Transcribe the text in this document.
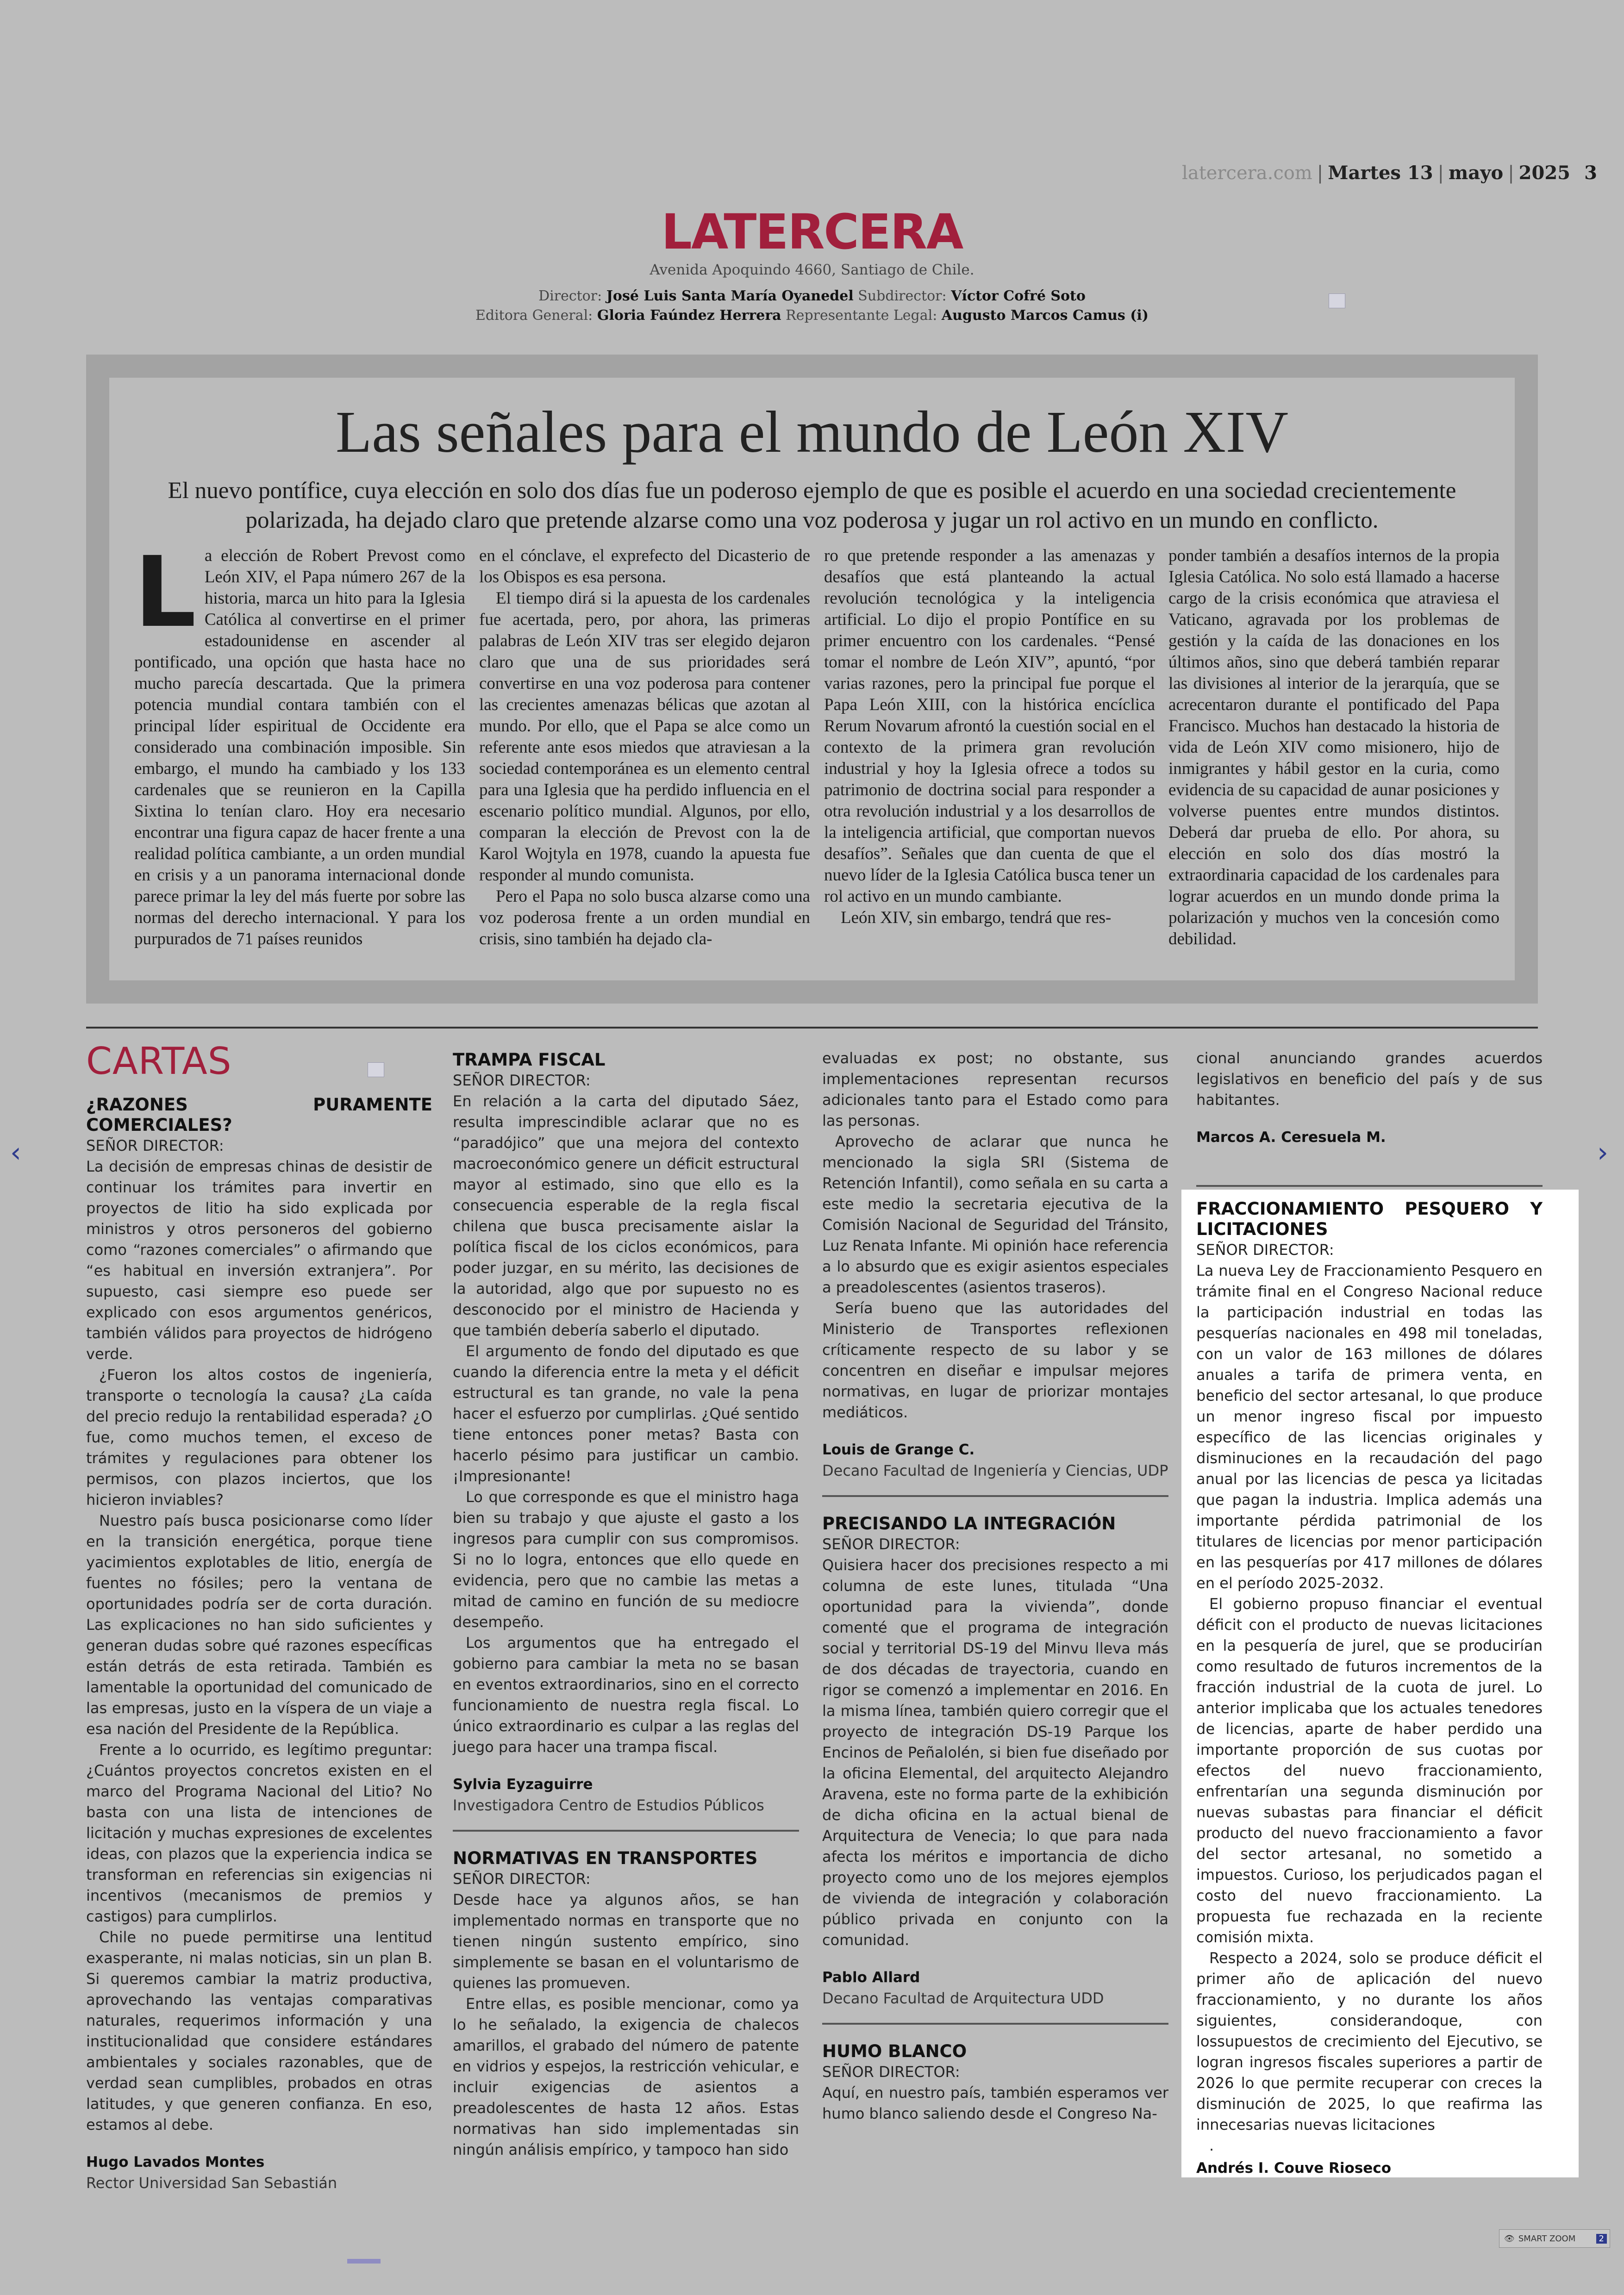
latercera.com | Martes 13 | mayo | 2025 3
LATERCERA
Avenida Apoquindo 4660, Santiago de Chile.
Director: José Luis Santa María Oyanedel Subdirector: Víctor Cofré Soto
Editora General: Gloria Faúndez Herrera Representante Legal: Augusto Marcos Camus (i)
Las señales para el mundo de León XIV
El nuevo pontífice, cuya elección en solo dos días fue un poderoso ejemplo de que es posible el acuerdo en una sociedad crecientemente polarizada, ha dejado claro que pretende alzarse como una voz poderosa y jugar un rol activo en un mundo en conflicto.
L a elección de Robert Prevost como León XIV, el Papa número 267 de la historia, marca un hito para la Iglesia Católica al convertirse en el primer estadounidense en ascender al pontificado, una opción que hasta hace no mucho parecía descartada. Que la primera potencia mundial contara también con el principal líder espiritual de Occidente era considerado una combinación imposible. Sin embargo, el mundo ha cambiado y los 133 cardenales que se reunieron en la Capilla Sixtina lo tenían claro. Hoy era necesario encontrar una figura capaz de hacer frente a una realidad política cambiante, a un orden mundial en crisis y a un panorama internacional donde parece primar la ley del más fuerte por sobre las normas del derecho internacional. Y para los purpurados de 71 países reunidos

en el cónclave, el exprefecto del Dicasterio de los Obispos es esa persona.

El tiempo dirá si la apuesta de los cardenales fue acertada, pero, por ahora, las primeras palabras de León XIV tras ser elegido dejaron claro que una de sus prioridades será convertirse en una voz poderosa para contener las crecientes amenazas bélicas que azotan al mundo. Por ello, que el Papa se alce como un referente ante esos miedos que atraviesan a la sociedad contemporánea es un elemento central para una Iglesia que ha perdido influencia en el escenario político mundial. Algunos, por ello, comparan la elección de Prevost con la de Karol Wojtyla en 1978, cuando la apuesta fue responder al mundo comunista.

Pero el Papa no solo busca alzarse como una voz poderosa frente a un orden mundial en crisis, sino también ha dejado cla-

ro que pretende responder a las amenazas y desafíos que está planteando la actual revolución tecnológica y la inteligencia artificial. Lo dijo el propio Pontífice en su primer encuentro con los cardenales. “Pensé tomar el nombre de León XIV”, apuntó, “por varias razones, pero la principal fue porque el Papa León XIII, con la histórica encíclica Rerum Novarum afrontó la cuestión social en el contexto de la primera gran revolución industrial y hoy la Iglesia ofrece a todos su patrimonio de doctrina social para responder a otra revolución industrial y a los desarrollos de la inteligencia artificial, que comportan nuevos desafíos”. Señales que dan cuenta de que el nuevo líder de la Iglesia Católica busca tener un rol activo en un mundo cambiante.

León XIV, sin embargo, tendrá que res-

ponder también a desafíos internos de la propia Iglesia Católica. No solo está llamado a hacerse cargo de la crisis económica que atraviesa el Vaticano, agravada por los problemas de gestión y la caída de las donaciones en los últimos años, sino que deberá también reparar las divisiones al interior de la jerarquía, que se acrecentaron durante el pontificado del Papa Francisco. Muchos han destacado la historia de vida de León XIV como misionero, hijo de inmigrantes y hábil gestor en la curia, como evidencia de su capacidad de aunar posiciones y volverse puentes entre mundos distintos. Deberá dar prueba de ello. Por ahora, su elección en solo dos días mostró la extraordinaria capacidad de los cardenales para lograr acuerdos en un mundo donde prima la polarización y muchos ven la concesión como debilidad.

CARTAS
¿RAZONES PURAMENTE COMERCIALES?

SEÑOR DIRECTOR:

La decisión de empresas chinas de desistir de continuar los trámites para invertir en proyectos de litio ha sido explicada por ministros y otros personeros del gobierno como “razones comerciales” o afirmando que “es habitual en inversión extranjera”. Por supuesto, casi siempre eso puede ser explicado con esos argumentos genéricos, también válidos para proyectos de hidrógeno verde.

¿Fueron los altos costos de ingeniería, transporte o tecnología la causa? ¿La caída del precio redujo la rentabilidad esperada? ¿O fue, como muchos temen, el exceso de trámites y regulaciones para obtener los permisos, con plazos inciertos, que los hicieron inviables?

Nuestro país busca posicionarse como líder en la transición energética, porque tiene yacimientos explotables de litio, energía de fuentes no fósiles; pero la ventana de oportunidades podría ser de corta duración. Las explicaciones no han sido suficientes y generan dudas sobre qué razones específicas están detrás de esta retirada. También es lamentable la oportunidad del comunicado de las empresas, justo en la víspera de un viaje a esa nación del Presidente de la República.

Frente a lo ocurrido, es legítimo preguntar: ¿Cuántos proyectos concretos existen en el marco del Programa Nacional del Litio? No basta con una lista de intenciones de licitación y muchas expresiones de excelentes ideas, con plazos que la experiencia indica se transforman en referencias sin exigencias ni incentivos (mecanismos de premios y castigos) para cumplirlos.

Chile no puede permitirse una lentitud exasperante, ni malas noticias, sin un plan B. Si queremos cambiar la matriz productiva, aprovechando las ventajas comparativas naturales, requerimos información y una institucionalidad que considere estándares ambientales y sociales razonables, que de verdad sean cumplibles, probados en otras latitudes, y que generen confianza. En eso, estamos al debe.

Hugo Lavados Montes
Rector Universidad San Sebastián
TRAMPA FISCAL

SEÑOR DIRECTOR:

En relación a la carta del diputado Sáez, resulta imprescindible aclarar que no es “paradójico” que una mejora del contexto macroeconómico genere un déficit estructural mayor al estimado, sino que ello es la consecuencia esperable de la regla fiscal chilena que busca precisamente aislar la política fiscal de los ciclos económicos, para poder juzgar, en su mérito, las decisiones de la autoridad, algo que por supuesto no es desconocido por el ministro de Hacienda y que también debería saberlo el diputado.

El argumento de fondo del diputado es que cuando la diferencia entre la meta y el déficit estructural es tan grande, no vale la pena hacer el esfuerzo por cumplirlas. ¿Qué sentido tiene entonces poner metas? Basta con hacerlo pésimo para justificar un cambio. ¡Impresionante!

Lo que corresponde es que el ministro haga bien su trabajo y que ajuste el gasto a los ingresos para cumplir con sus compromisos. Si no lo logra, entonces que ello quede en evidencia, pero que no cambie las metas a mitad de camino en función de su mediocre desempeño.

Los argumentos que ha entregado el gobierno para cambiar la meta no se basan en eventos extraordinarios, sino en el correcto funcionamiento de nuestra regla fiscal. Lo único extraordinario es culpar a las reglas del juego para hacer una trampa fiscal.

Sylvia Eyzaguirre
Investigadora Centro de Estudios Públicos
NORMATIVAS EN TRANSPORTES

SEÑOR DIRECTOR:

Desde hace ya algunos años, se han implementado normas en transporte que no tienen ningún sustento empírico, sino simplemente se basan en el voluntarismo de quienes las promueven.

Entre ellas, es posible mencionar, como ya lo he señalado, la exigencia de chalecos amarillos, el grabado del número de patente en vidrios y espejos, la restricción vehicular, e incluir exigencias de asientos a preadolescentes de hasta 12 años. Estas normativas han sido implementadas sin ningún análisis empírico, y tampoco han sido

evaluadas ex post; no obstante, sus implementaciones representan recursos adicionales tanto para el Estado como para las personas.

Aprovecho de aclarar que nunca he mencionado la sigla SRI (Sistema de Retención Infantil), como señala en su carta a este medio la secretaria ejecutiva de la Comisión Nacional de Seguridad del Tránsito, Luz Renata Infante. Mi opinión hace referencia a lo absurdo que es exigir asientos especiales a preadolescentes (asientos traseros).

Sería bueno que las autoridades del Ministerio de Transportes reflexionen críticamente respecto de su labor y se concentren en diseñar e impulsar mejores normativas, en lugar de priorizar montajes mediáticos.

Louis de Grange C.
Decano Facultad de Ingeniería y Ciencias, UDP
PRECISANDO LA INTEGRACIÓN

SEÑOR DIRECTOR:

Quisiera hacer dos precisiones respecto a mi columna de este lunes, titulada “Una oportunidad para la vivienda”, donde comenté que el programa de integración social y territorial DS-19 del Minvu lleva más de dos décadas de trayectoria, cuando en rigor se comenzó a implementar en 2016. En la misma línea, también quiero corregir que el proyecto de integración DS-19 Parque los Encinos de Peñalolén, si bien fue diseñado por la oficina Elemental, del arquitecto Alejandro Aravena, este no forma parte de la exhibición de dicha oficina en la actual bienal de Arquitectura de Venecia; lo que para nada afecta los méritos e importancia de dicho proyecto como uno de los mejores ejemplos de vivienda de integración y colaboración público privada en conjunto con la comunidad.

Pablo Allard
Decano Facultad de Arquitectura UDD
HUMO BLANCO

SEÑOR DIRECTOR:

Aquí, en nuestro país, también esperamos ver humo blanco saliendo desde el Congreso Na-

cional anunciando grandes acuerdos legislativos en beneficio del país y de sus habitantes.

Marcos A. Ceresuela M.
FRACCIONAMIENTO PESQUERO Y LICITACIONES

SEÑOR DIRECTOR:

La nueva Ley de Fraccionamiento Pesquero en trámite final en el Congreso Nacional reduce la participación industrial en todas las pesquerías nacionales en 498 mil toneladas, con un valor de 163 millones de dólares anuales a tarifa de primera venta, en beneficio del sector artesanal, lo que produce un menor ingreso fiscal por impuesto específico de las licencias originales y disminuciones en la recaudación del pago anual por las licencias de pesca ya licitadas que pagan la industria. Implica además una importante pérdida patrimonial de los titulares de licencias por menor participación en las pesquerías por 417 millones de dólares en el período 2025-2032.

El gobierno propuso financiar el eventual déficit con el producto de nuevas licitaciones en la pesquería de jurel, que se producirían como resultado de futuros incrementos de la fracción industrial de la cuota de jurel. Lo anterior implicaba que los actuales tenedores de licencias, aparte de haber perdido una importante proporción de sus cuotas por efectos del nuevo fraccionamiento, enfrentarían una segunda disminución por nuevas subastas para financiar el déficit producto del nuevo fraccionamiento a favor del sector artesanal, no sometido a impuestos. Curioso, los perjudicados pagan el costo del nuevo fraccionamiento. La propuesta fue rechazada en la reciente comisión mixta.

Respecto a 2024, solo se produce déficit el primer año de aplicación del nuevo fraccionamiento, y no durante los años siguientes, considerandoque, con lossupuestos de crecimiento del Ejecutivo, se logran ingresos fiscales superiores a partir de 2026 lo que permite recuperar con creces la disminución de 2025, lo que reafirma las innecesarias nuevas licitaciones

.

Andrés I. Couve Rioseco
‹	›
👁 SMART ZOOM	2
